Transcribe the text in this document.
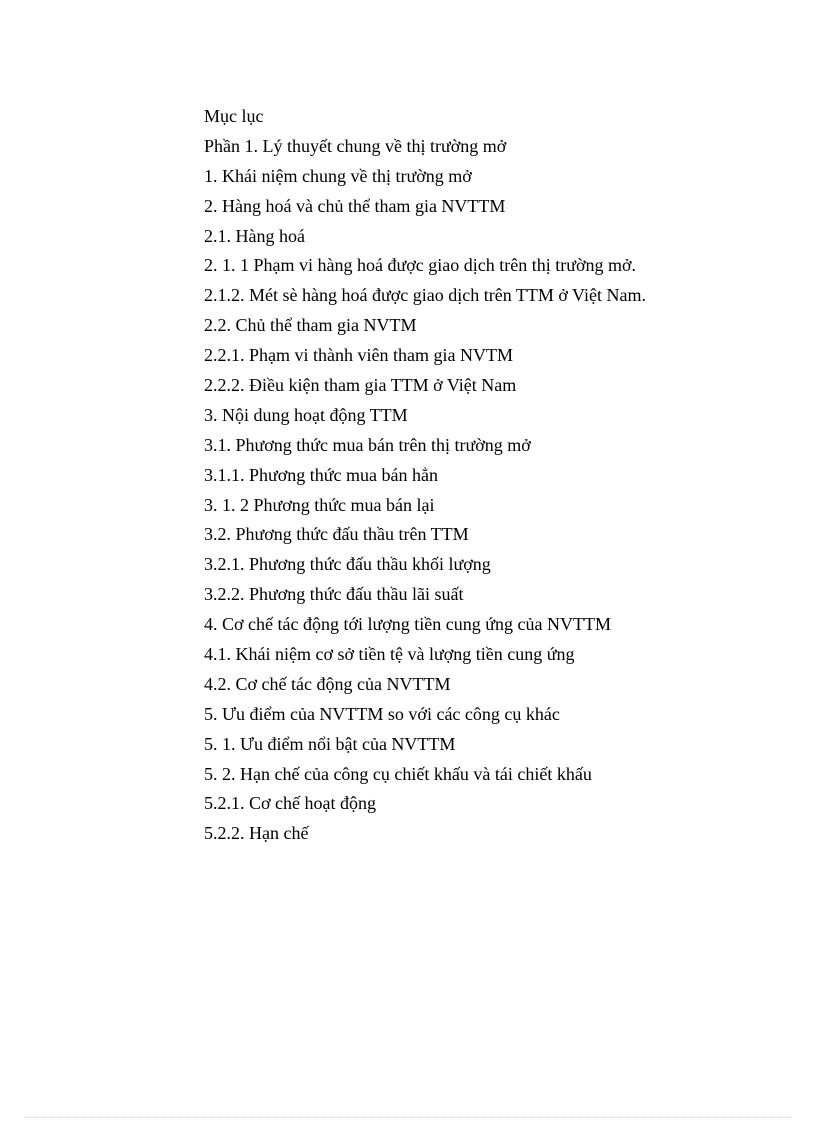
Mục lục
Phần 1. Lý thuyết chung về thị trường mở
1. Khái niệm chung về thị trường mở
2. Hàng hoá và chủ thể tham gia NVTTM
2.1. Hàng hoá
2. 1. 1 Phạm vi hàng hoá được giao dịch trên thị trường mở.
2.1.2. Mét sè hàng hoá được giao dịch trên TTM ở Việt Nam.
2.2. Chủ thể tham gia NVTM
2.2.1. Phạm vi thành viên tham gia NVTM
2.2.2. Điều kiện tham gia TTM ở Việt Nam
3. Nội dung hoạt động TTM
3.1. Phương thức mua bán trên thị trường mở
3.1.1. Phương thức mua bán hẳn
3. 1. 2 Phương thức mua bán lại
3.2. Phương thức đấu thầu trên TTM
3.2.1. Phương thức đấu thầu khối lượng
3.2.2. Phương thức đấu thầu lãi suất
4. Cơ chế tác động tới lượng tiền cung ứng của NVTTM
4.1. Khái niệm cơ sở tiền tệ và lượng tiền cung ứng
4.2. Cơ chế tác động của NVTTM
5. Ưu điểm của NVTTM so với các công cụ khác
5. 1. Ưu điểm nổi bật của NVTTM
5. 2. Hạn chế của công cụ chiết khấu và tái chiết khấu
5.2.1. Cơ chế hoạt động
5.2.2. Hạn chế
